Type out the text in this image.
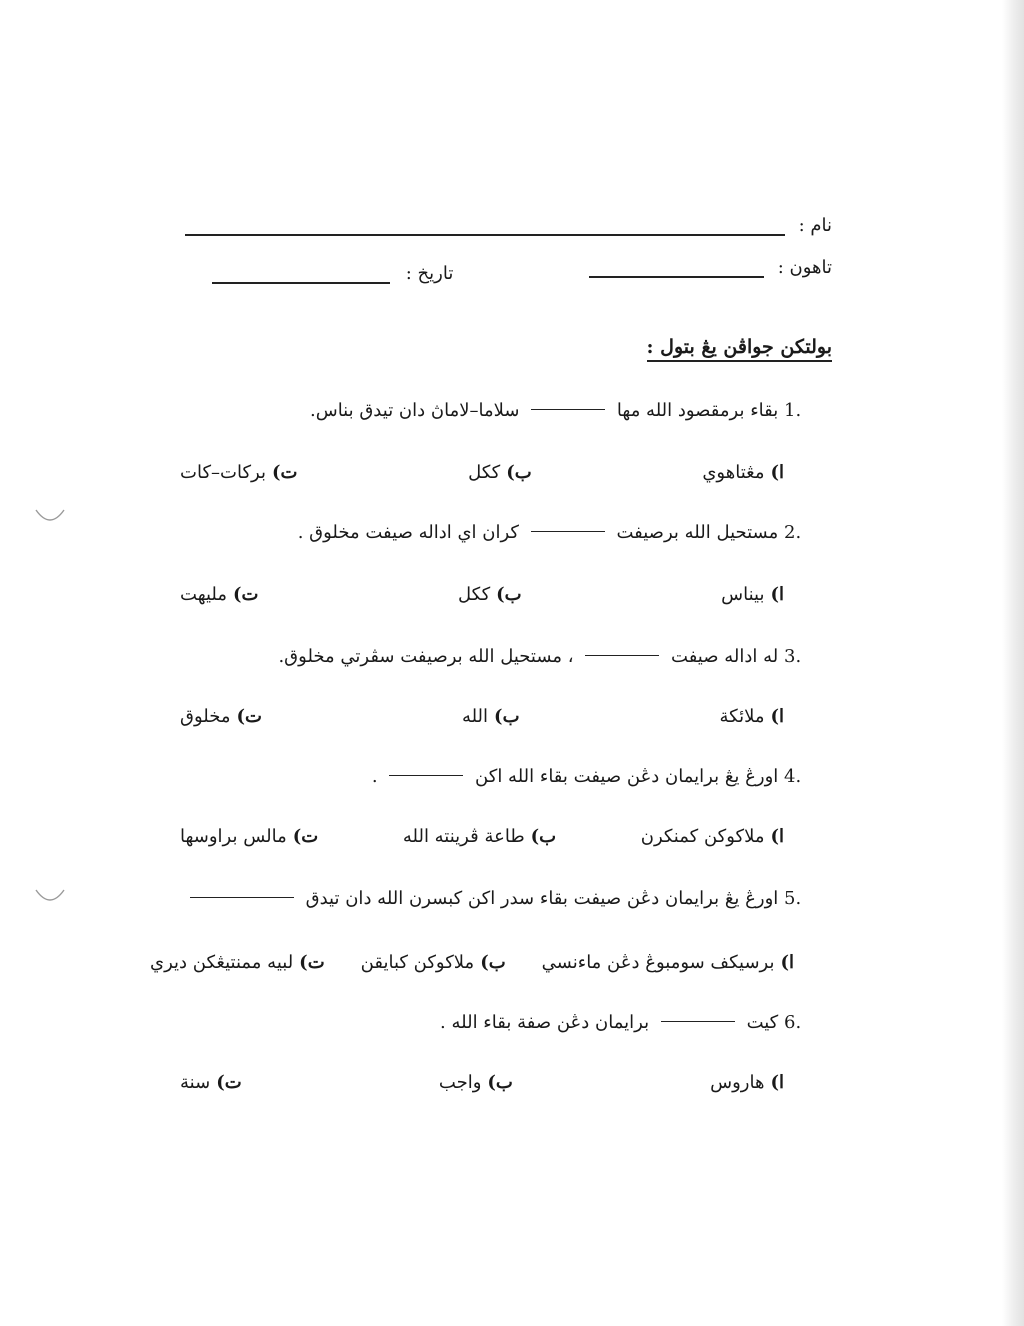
نام :
تاهون :
تاريخ :
بولتكن جواڤن يڠ بتول :
1. بقاء برمقصود الله مها  سلاما–لاماڽ دان تيدق بناس.
ا)مڠتاهوي
ب)ككل
ت)بركات–كات
2. مستحيل الله برصيفت  كران اي اداله صيفت مخلوق .
ا)بيناس
ب)ككل
ت)مليهت
3. له اداله صيفت  ، مستحيل الله برصيفت سڤرتي مخلوق.
ا)ملائكة
ب)الله
ت)مخلوق
4. اورڠ يڠ برايمان دڠن صيفت بقاء الله اكن  .
ا)ملاكوكن كمنكرن
ب)طاعة ڤرينته الله
ت)مالس براوسها
5. اورڠ يڠ برايمان دڠن صيفت بقاء سدر اكن كبسرن الله دان تيدق
ا)برسيكف سومبوڠ دڠن ماءنسي
ب)ملاكوكن كبايقن
ت)لبيه ممنتيڠكن ديري
6. كيت  برايمان دڠن صفة بقاء الله .
ا)هاروس
ب)واجب
ت)سنة
